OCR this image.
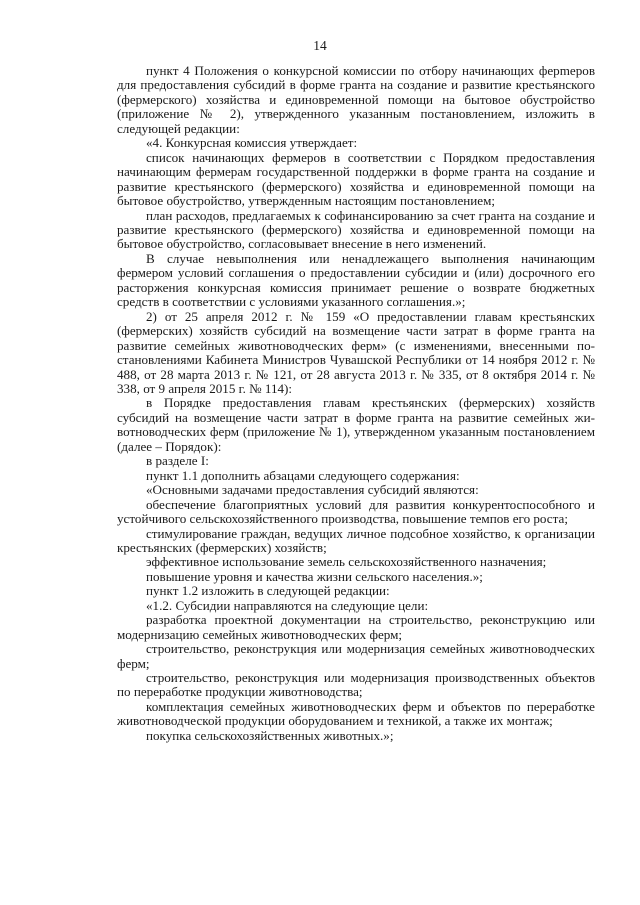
14

пункт 4 Положения о конкурсной комиссии по отбору начинающих ферmеров для предоставления субсидий в форме гранта на создание и развитие крестьянского (фермерского) хозяйства и единовременной помощи на бытовое обустройство (приложение № 2), утвержденного указанным постановлением, изложить в следующей редакции:

«4. Конкурсная комиссия утверждает:

список начинающих фермеров в соответствии с Порядком предоставления начинающим фермерам государственной поддержки в форме гранта на создание и развитие крестьянского (фермерского) хозяйства и единовременной помощи на бытовое обустройство, утвержденным настоящим постановлением;

план расходов, предлагаемых к софинансированию за счет гранта на создание и развитие крестьянского (фермерского) хозяйства и единовременной помощи на бытовое обустройство, согласовывает внесение в него изменений.

В случае невыполнения или ненадлежащего выполнения начинающим фермером условий соглашения о предоставлении субсидии и (или) досрочного его расторжения конкурсная комиссия принимает решение о возврате бюджетных средств в соответствии с условиями указанного соглашения.»;

2) от 25 апреля 2012 г. № 159 «О предоставлении главам крестьянских (фермерских) хозяйств субсидий на возмещение части затрат в форме гранта на развитие семейных животноводческих ферм» (с изменениями, внесенными постановлениями Кабинета Министров Чувашской Республики от 14 ноября 2012 г. № 488, от 28 марта 2013 г. № 121, от 28 августа 2013 г. № 335, от 8 октября 2014 г. № 338, от 9 апреля 2015 г. № 114):

в Порядке предоставления главам крестьянских (фермерских) хозяйств субсидий на возмещение части затрат в форме гранта на развитие семейных животноводческих ферм (приложение № 1), утвержденном указанным постановлением (далее – Порядок):

в разделе I:

пункт 1.1 дополнить абзацами следующего содержания:

«Основными задачами предоставления субсидий являются:

обеспечение благоприятных условий для развития конкурентоспособного и устойчивого сельскохозяйственного производства, повышение темпов его роста;

стимулирование граждан, ведущих личное подсобное хозяйство, к организации крестьянских (фермерских) хозяйств;

эффективное использование земель сельскохозяйственного назначения;

повышение уровня и качества жизни сельского населения.»;

пункт 1.2 изложить в следующей редакции:

«1.2. Субсидии направляются на следующие цели:

разработка проектной документации на строительство, реконструкцию или модернизацию семейных животноводческих ферм;

строительство, реконструкция или модернизация семейных животноводческих ферм;

строительство, реконструкция или модернизация производственных объектов по переработке продукции животноводства;

комплектация семейных животноводческих ферм и объектов по переработке животноводческой продукции оборудованием и техникой, а также их монтаж;

покупка сельскохозяйственных животных.»;
